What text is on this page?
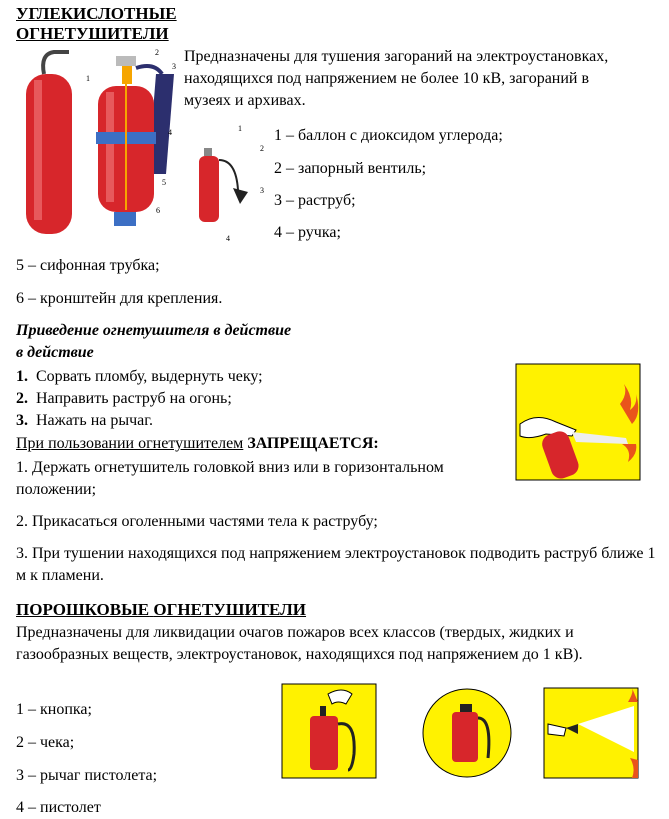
УГЛЕКИСЛОТНЫЕ
ОГНЕТУШИТЕЛИ
1
2
3
4
5
6
Предназначены для тушения загораний на электроустановках, находящихся под напряжением не более 10 кВ, загораний в музеях и архивах.
1
2
3
4
1 – баллон с диоксидом углерода;
2 – запорный вентиль;
3 – раструб;
4 – ручка;
5 – сифонная трубка;
6 – кронштейн для крепления.
Приведение огнетушителя в действие
в действие
1. Сорвать пломбу, выдернуть чеку;
2. Направить раструб на огонь;
3. Нажать на рычаг.
При пользовании огнетушителем ЗАПРЕЩАЕТСЯ:
1. Держать огнетушитель головкой вниз или в горизонтальном положении;
2. Прикасаться оголенными частями тела к раструбу;
3. При тушении находящихся под напряжением электроустановок подводить раструб ближе 1 м к пламени.
ПОРОШКОВЫЕ ОГНЕТУШИТЕЛИ
Предназначены для ликвидации очагов пожаров всех классов (твердых, жидких и газообразных веществ, электроустановок, находящихся под напряжением до 1 кВ).
1 – кнопка;
2 – чека;
3 – рычаг пистолета;
4 – пистолет
